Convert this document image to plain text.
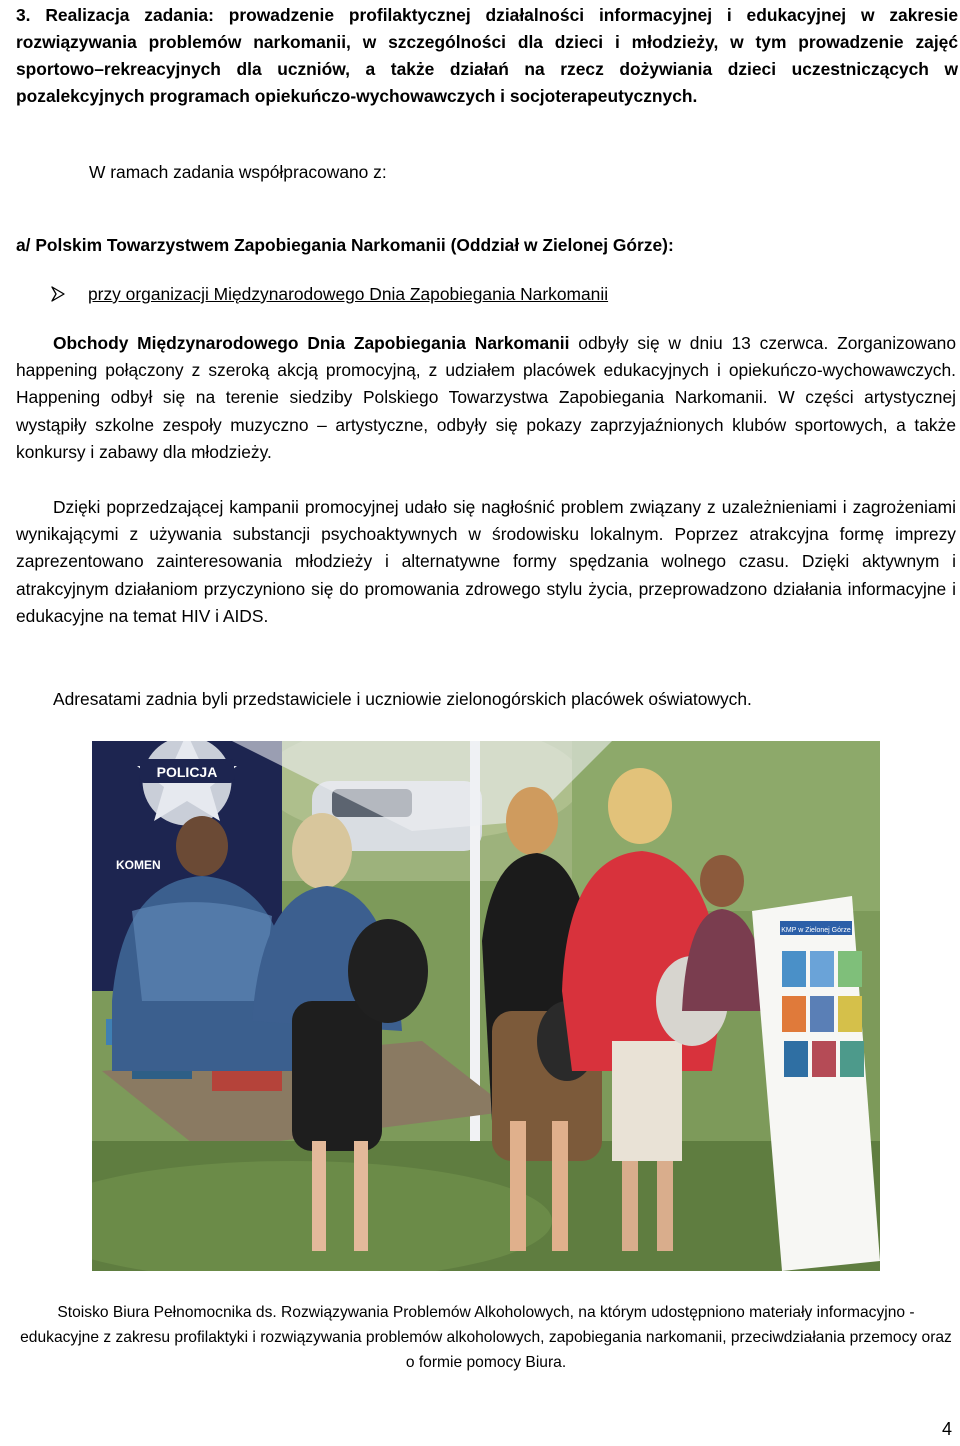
3. Realizacja zadania: prowadzenie profilaktycznej działalności informacyjnej i edukacyjnej w zakresie rozwiązywania problemów narkomanii, w szczególności dla dzieci i młodzieży, w tym prowadzenie zajęć sportowo–rekreacyjnych dla uczniów, a także działań na rzecz dożywiania dzieci uczestniczących w pozalekcyjnych programach opiekuńczo-wychowawczych i socjoterapeutycznych.

W ramach zadania współpracowano z:

a/ Polskim Towarzystwem Zapobiegania Narkomanii (Oddział w Zielonej Górze):

przy organizacji Międzynarodowego Dnia Zapobiegania Narkomanii

Obchody Międzynarodowego Dnia Zapobiegania Narkomanii odbyły się w dniu 13 czerwca. Zorganizowano happening połączony z szeroką akcją promocyjną, z udziałem placówek edukacyjnych i opiekuńczo-wychowawczych. Happening odbył się na terenie siedziby Polskiego Towarzystwa Zapobiegania Narkomanii. W części artystycznej wystąpiły szkolne zespoły muzyczno – artystyczne, odbyły się pokazy zaprzyjaźnionych klubów sportowych, a także konkursy i zabawy dla młodzieży.

Dzięki poprzedzającej kampanii promocyjnej udało się nagłośnić problem związany z uzależnieniami i zagrożeniami wynikającymi z używania substancji psychoaktywnych w środowisku lokalnym. Poprzez atrakcyjna formę imprezy zaprezentowano zainteresowania młodzieży i alternatywne formy spędzania wolnego czasu. Dzięki aktywnym i atrakcyjnym działaniom przyczyniono się do promowania zdrowego stylu życia, przeprowadzono działania informacyjne i edukacyjne na temat HIV i AIDS.

Adresatami zadnia byli przedstawiciele i uczniowie zielonogórskich placówek oświatowych.

POLICJA
KOMEN
KMP w Zielonej Górze

Stoisko Biura Pełnomocnika ds. Rozwiązywania Problemów Alkoholowych, na którym udostępniono materiały informacyjno - edukacyjne z zakresu profilaktyki i rozwiązywania problemów alkoholowych, zapobiegania narkomanii, przeciwdziałania przemocy oraz o formie pomocy Biura.

4
